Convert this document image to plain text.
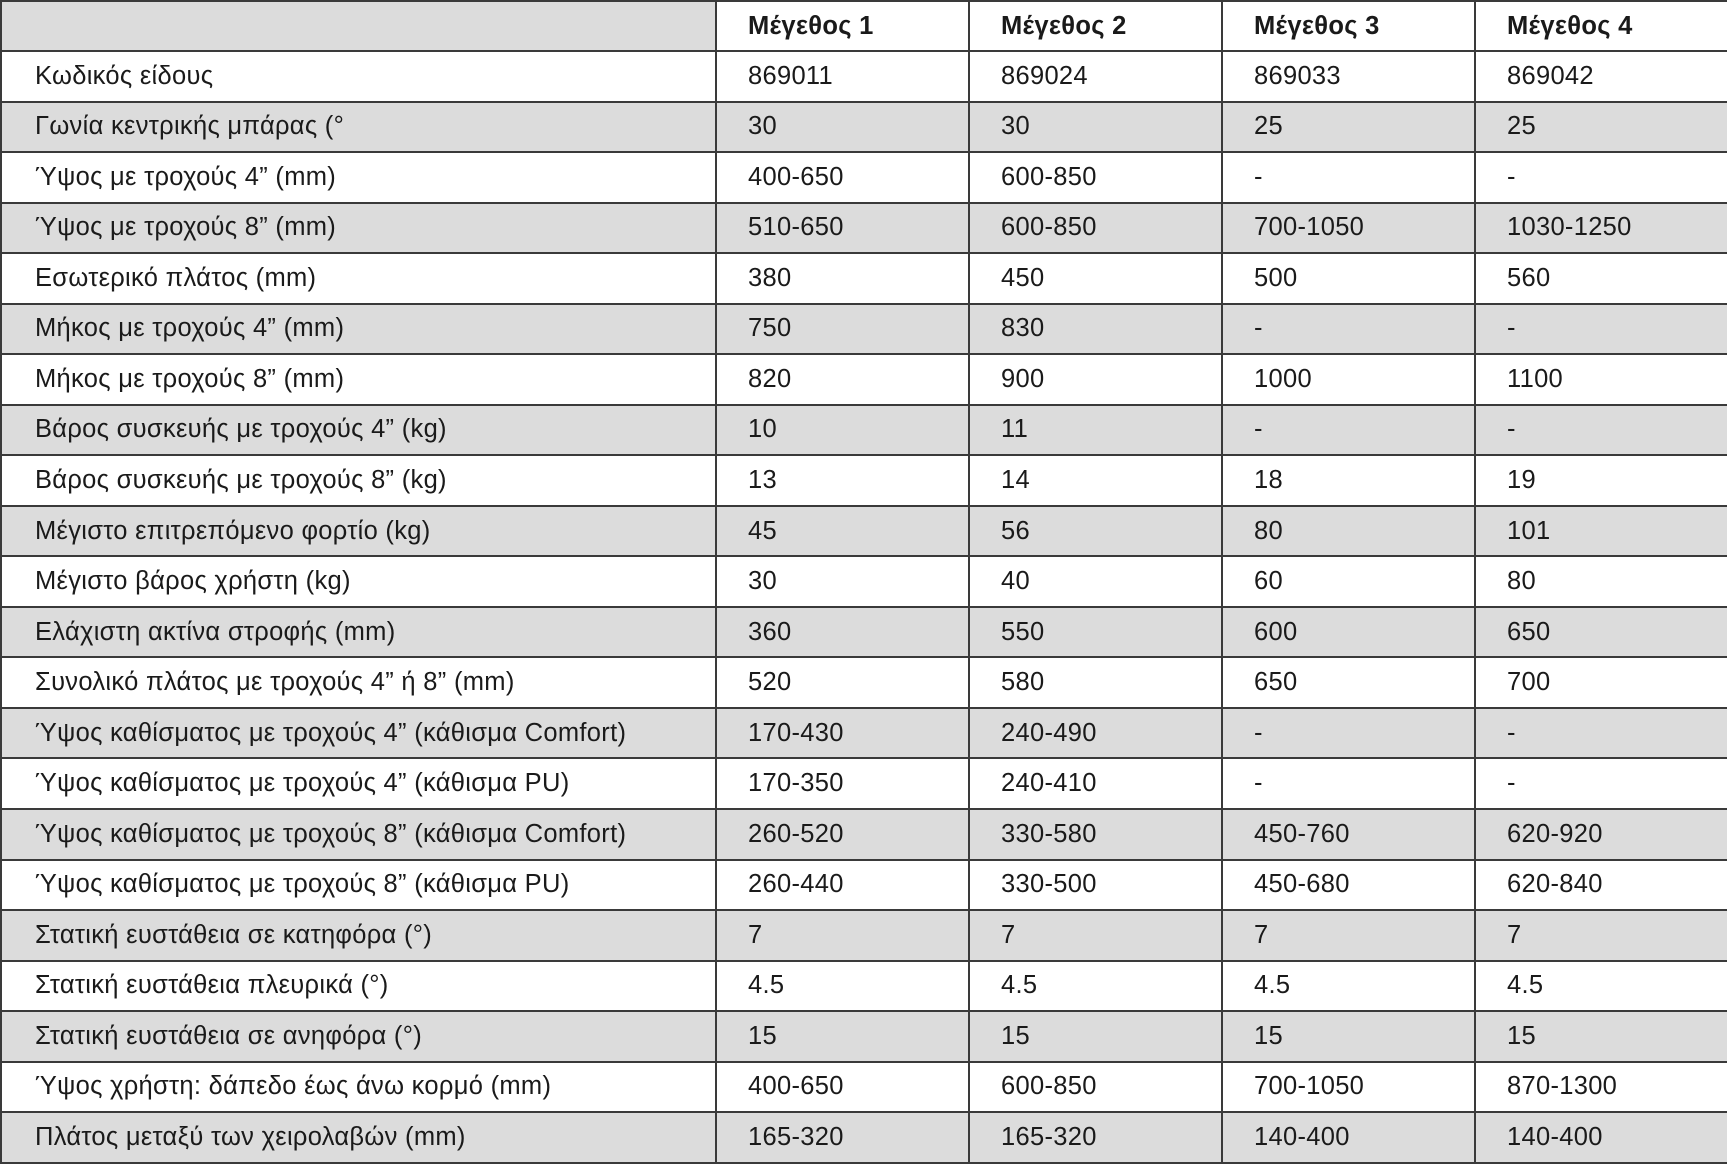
	Μέγεθος 1	Μέγεθος 2	Μέγεθος 3	Μέγεθος 4
Κωδικός είδους	869011	869024	869033	869042
Γωνία κεντρικής μπάρας (°	30	30	25	25
Ύψος με τροχούς 4” (mm)	400-650	600-850	-	-
Ύψος με τροχούς 8” (mm)	510-650	600-850	700-1050	1030-1250
Εσωτερικό πλάτος (mm)	380	450	500	560
Μήκος με τροχούς 4” (mm)	750	830	-	-
Μήκος με τροχούς 8” (mm)	820	900	1000	1100
Βάρος συσκευής με τροχούς 4” (kg)	10	11	-	-
Βάρος συσκευής με τροχούς 8” (kg)	13	14	18	19
Μέγιστο επιτρεπόμενο φορτίο (kg)	45	56	80	101
Μέγιστο βάρος χρήστη (kg)	30	40	60	80
Ελάχιστη ακτίνα στροφής (mm)	360	550	600	650
Συνολικό πλάτος με τροχούς 4” ή 8” (mm)	520	580	650	700
Ύψος καθίσματος με τροχούς 4” (κάθισμα Comfort)	170-430	240-490	-	-
Ύψος καθίσματος με τροχούς 4” (κάθισμα PU)	170-350	240-410	-	-
Ύψος καθίσματος με τροχούς 8” (κάθισμα Comfort)	260-520	330-580	450-760	620-920
Ύψος καθίσματος με τροχούς 8” (κάθισμα PU)	260-440	330-500	450-680	620-840
Στατική ευστάθεια σε κατηφόρα (°)	7	7	7	7
Στατική ευστάθεια πλευρικά (°)	4.5	4.5	4.5	4.5
Στατική ευστάθεια σε ανηφόρα (°)	15	15	15	15
Ύψος χρήστη: δάπεδο έως άνω κορμό (mm)	400-650	600-850	700-1050	870-1300
Πλάτος μεταξύ των χειρολαβών (mm)	165-320	165-320	140-400	140-400
